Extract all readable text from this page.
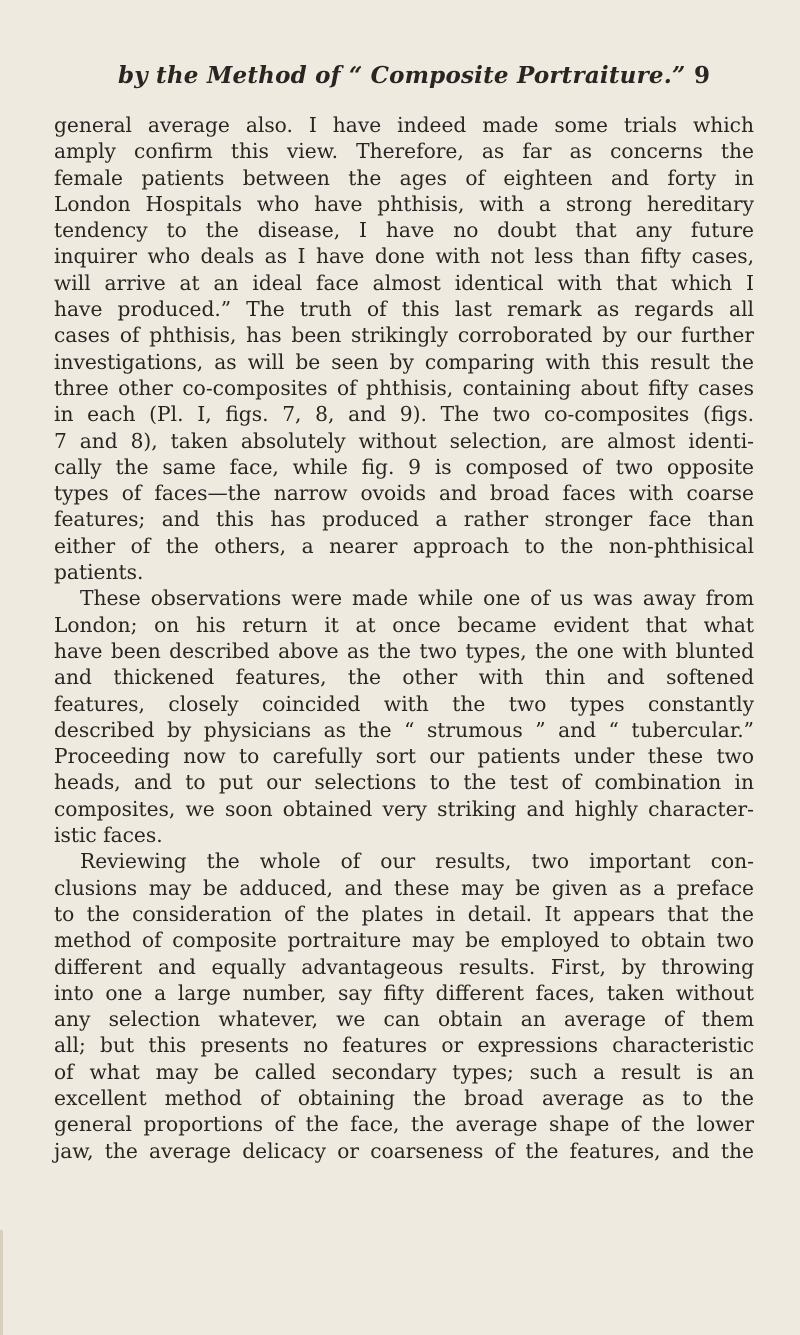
by the Method of “ Composite Portraiture.” 9
general average also. I have indeed made some trials which
amply confirm this view. Therefore, as far as concerns the
female patients between the ages of eighteen and forty in
London Hospitals who have phthisis, with a strong hereditary
tendency to the disease, I have no doubt that any future
inquirer who deals as I have done with not less than fifty cases,
will arrive at an ideal face almost identical with that which I
have produced.” The truth of this last remark as regards all
cases of phthisis, has been strikingly corroborated by our further
investigations, as will be seen by comparing with this result the
three other co-composites of phthisis, containing about fifty cases
in each (Pl. I, figs. 7, 8, and 9). The two co-composites (figs.
7 and 8), taken absolutely without selection, are almost identi-
cally the same face, while fig. 9 is composed of two opposite
types of faces—the narrow ovoids and broad faces with coarse
features; and this has produced a rather stronger face than
either of the others, a nearer approach to the non-phthisical
patients.
These observations were made while one of us was away from
London; on his return it at once became evident that what
have been described above as the two types, the one with blunted
and thickened features, the other with thin and softened
features, closely coincided with the two types constantly
described by physicians as the “ strumous ” and “ tubercular.”
Proceeding now to carefully sort our patients under these two
heads, and to put our selections to the test of combination in
composites, we soon obtained very striking and highly character-
istic faces.
Reviewing the whole of our results, two important con-
clusions may be adduced, and these may be given as a preface
to the consideration of the plates in detail. It appears that the
method of composite portraiture may be employed to obtain two
different and equally advantageous results. First, by throwing
into one a large number, say fifty different faces, taken without
any selection whatever, we can obtain an average of them
all; but this presents no features or expressions characteristic
of what may be called secondary types; such a result is an
excellent method of obtaining the broad average as to the
general proportions of the face, the average shape of the lower
jaw, the average delicacy or coarseness of the features, and the
